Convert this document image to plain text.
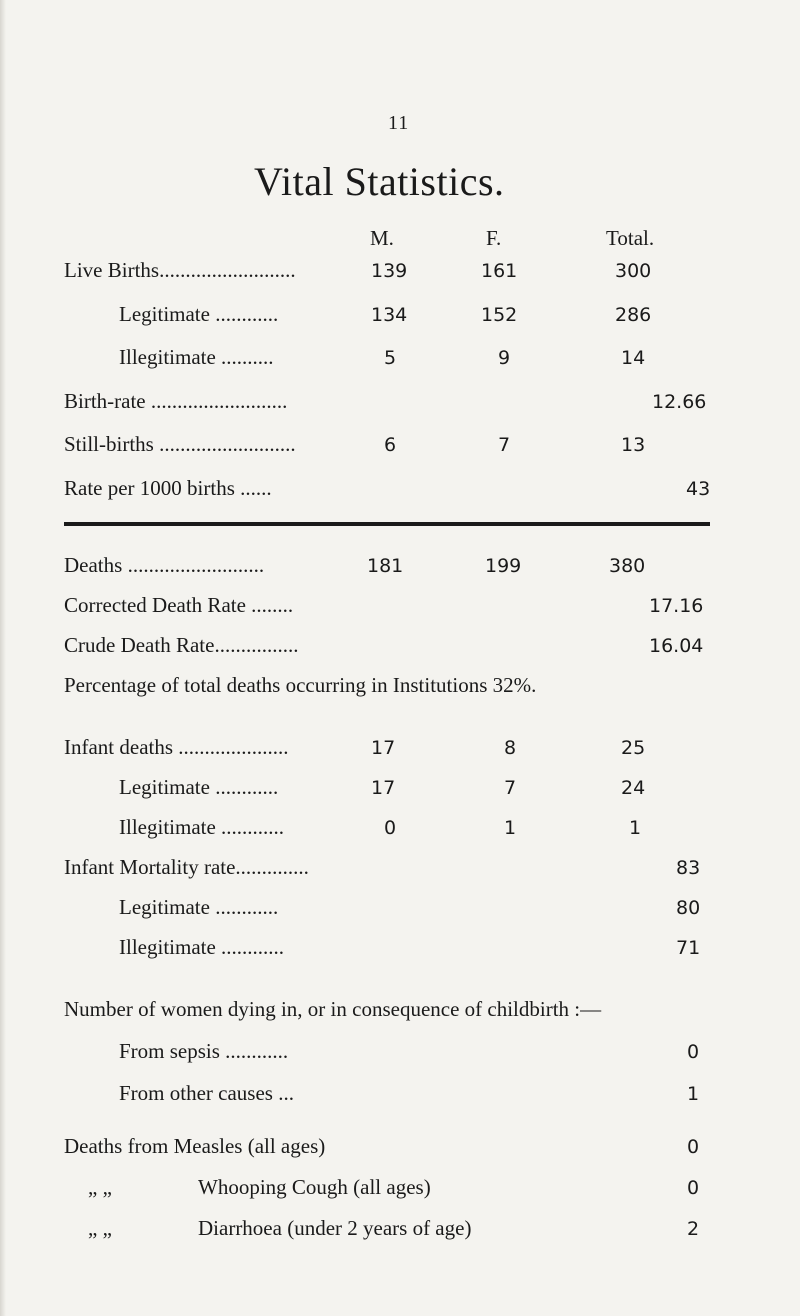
11
Vital Statistics.
M.	F.	Total.
Live Births..........................	139	161	300
Legitimate ............	134	152	286
Illegitimate ..........	5	9	14
Birth-rate ..........................	12.66
Still-births ..........................	6	7	13
Rate per 1000 births ......	43
Deaths ..........................	181	199	380
Corrected Death Rate ........	17.16
Crude Death Rate................	16.04
Percentage of total deaths occurring in Institutions 32%.
Infant deaths .....................	17	8	25
Legitimate ............	17	7	24
Illegitimate ............	0	1	1
Infant Mortality rate..............	83
Legitimate ............	80
Illegitimate ............	71
Number of women dying in, or in consequence of childbirth :—
From sepsis ............	0
From other causes ...	1
Deaths from Measles (all ages)	0
„ „	Whooping Cough (all ages)	0
„ „	Diarrhoea (under 2 years of age)	2
